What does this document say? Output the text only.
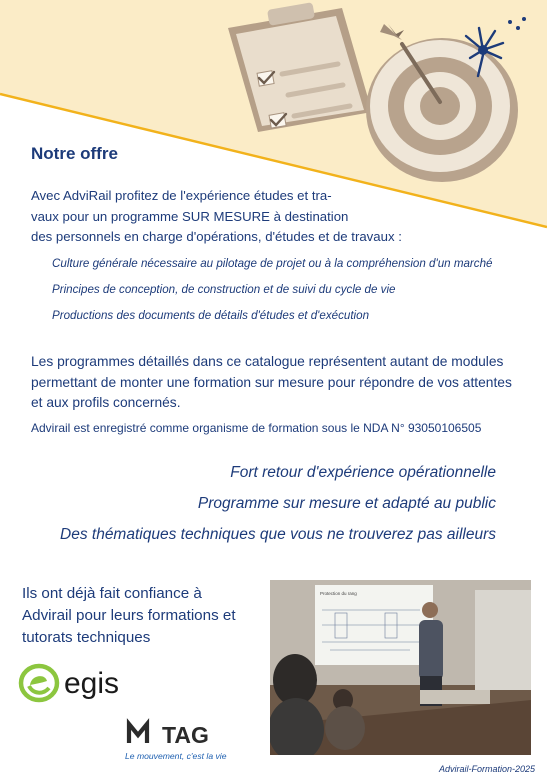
Notre offre
Avec AdviRail profitez de l'expérience études et tra-
vaux pour un programme SUR MESURE à destination
des personnels en charge d'opérations, d'études et de travaux :
Culture générale nécessaire au pilotage de projet ou à la compréhension d'un marché
Principes de conception, de construction et de suivi du cycle de vie
Productions des documents de détails d'études et d'exécution
Les programmes détaillés dans ce catalogue représentent autant de modules
permettant de monter une formation sur mesure pour répondre de vos attentes
et aux profils concernés.
Advirail est enregistré comme organisme de formation sous le NDA N° 93050106505
Fort retour d'expérience opérationnelle
Programme sur mesure et adapté au public
Des thématiques techniques que vous ne trouverez pas ailleurs
Ils ont déjà fait confiance à
Advirail pour leurs formations et
tutorats techniques
egis
TAG
Le mouvement, c'est la vie
Protection du rang
Advirail-Formation-2025
